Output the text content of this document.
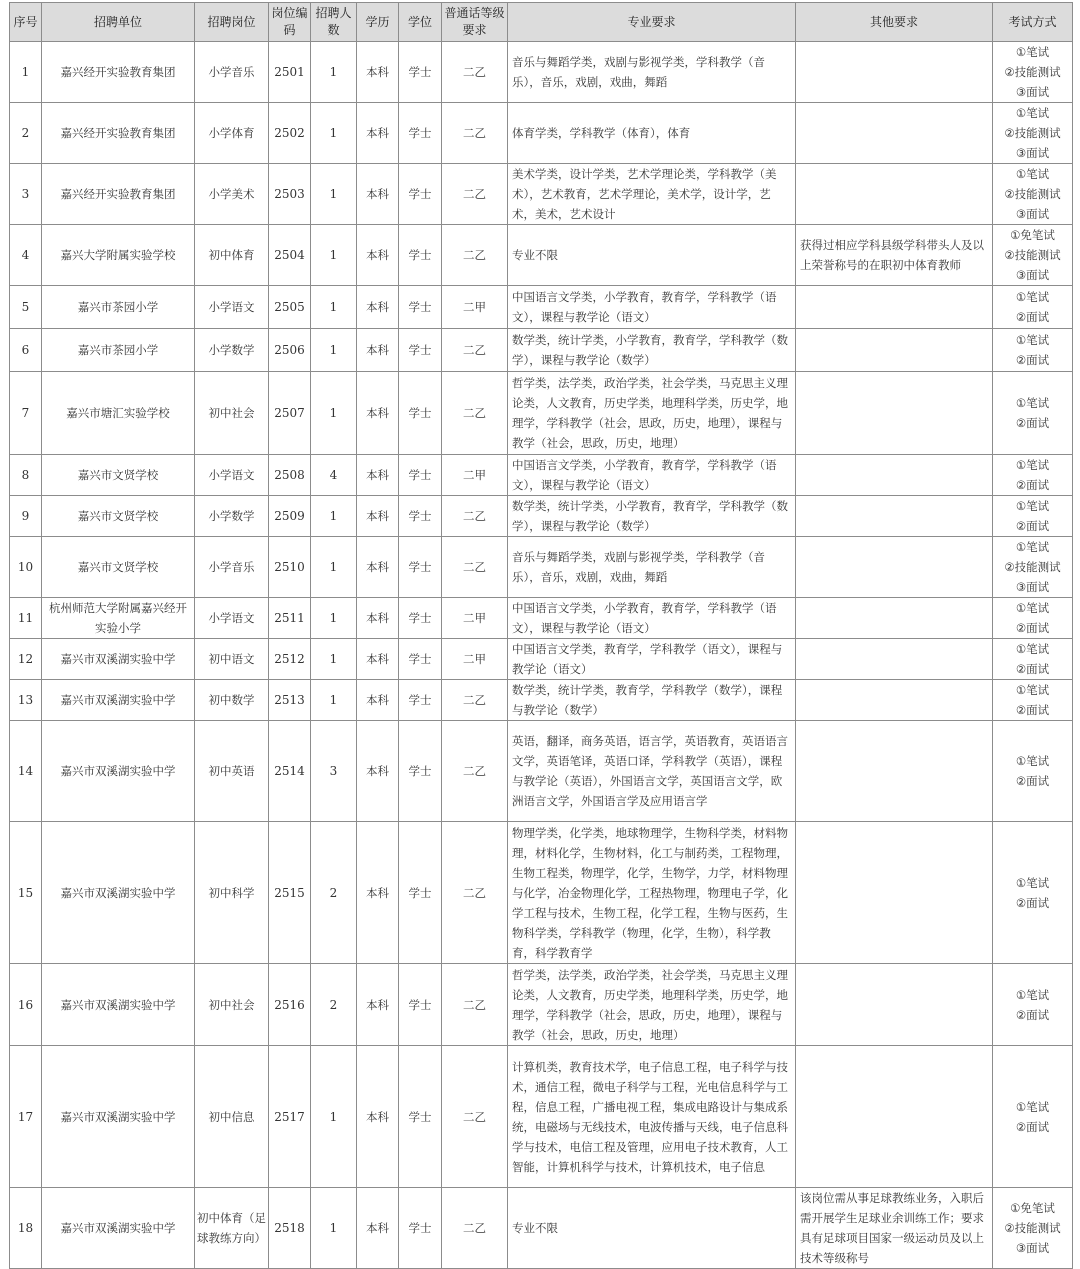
序号	招聘单位	招聘岗位	岗位编码	招聘人数	学历	学位	普通话等级要求	专业要求	其他要求	考试方式
1	嘉兴经开实验教育集团	小学音乐	2501	1	本科	学士	二乙	音乐与舞蹈学类，戏剧与影视学类，学科教学（音乐），音乐，戏剧，戏曲，舞蹈		①笔试
②技能测试
③面试
2	嘉兴经开实验教育集团	小学体育	2502	1	本科	学士	二乙	体育学类，学科教学（体育），体育		①笔试
②技能测试
③面试
3	嘉兴经开实验教育集团	小学美术	2503	1	本科	学士	二乙	美术学类，设计学类，艺术学理论类，学科教学（美术），艺术教育，艺术学理论，美术学，设计学，艺术，美术，艺术设计		①笔试
②技能测试
③面试
4	嘉兴大学附属实验学校	初中体育	2504	1	本科	学士	二乙	专业不限	获得过相应学科县级学科带头人及以上荣誉称号的在职初中体育教师	①免笔试
②技能测试
③面试
5	嘉兴市茶园小学	小学语文	2505	1	本科	学士	二甲	中国语言文学类，小学教育，教育学，学科教学（语文），课程与教学论（语文）		①笔试
②面试
6	嘉兴市茶园小学	小学数学	2506	1	本科	学士	二乙	数学类，统计学类，小学教育，教育学，学科教学（数学），课程与教学论（数学）		①笔试
②面试
7	嘉兴市塘汇实验学校	初中社会	2507	1	本科	学士	二乙	哲学类，法学类，政治学类，社会学类，马克思主义理论类，人文教育，历史学类，地理科学类，历史学，地理学，学科教学（社会，思政，历史，地理），课程与教学（社会，思政，历史，地理）		①笔试
②面试
8	嘉兴市文贤学校	小学语文	2508	4	本科	学士	二甲	中国语言文学类，小学教育，教育学，学科教学（语文），课程与教学论（语文）		①笔试
②面试
9	嘉兴市文贤学校	小学数学	2509	1	本科	学士	二乙	数学类，统计学类，小学教育，教育学，学科教学（数学），课程与教学论（数学）		①笔试
②面试
10	嘉兴市文贤学校	小学音乐	2510	1	本科	学士	二乙	音乐与舞蹈学类，戏剧与影视学类，学科教学（音乐），音乐，戏剧，戏曲，舞蹈		①笔试
②技能测试
③面试
11	杭州师范大学附属嘉兴经开实验小学	小学语文	2511	1	本科	学士	二甲	中国语言文学类，小学教育，教育学，学科教学（语文），课程与教学论（语文）		①笔试
②面试
12	嘉兴市双溪湖实验中学	初中语文	2512	1	本科	学士	二甲	中国语言文学类，教育学，学科教学（语文），课程与教学论（语文）		①笔试
②面试
13	嘉兴市双溪湖实验中学	初中数学	2513	1	本科	学士	二乙	数学类，统计学类，教育学，学科教学（数学），课程与教学论（数学）		①笔试
②面试
14	嘉兴市双溪湖实验中学	初中英语	2514	3	本科	学士	二乙	英语，翻译，商务英语，语言学，英语教育，英语语言文学，英语笔译，英语口译，学科教学（英语），课程与教学论（英语），外国语言文学，英国语言文学，欧洲语言文学，外国语言学及应用语言学		①笔试
②面试
15	嘉兴市双溪湖实验中学	初中科学	2515	2	本科	学士	二乙	物理学类，化学类，地球物理学，生物科学类，材料物理，材料化学，生物材料，化工与制药类，工程物理，生物工程类，物理学，化学，生物学，力学，材料物理与化学，冶金物理化学，工程热物理，物理电子学，化学工程与技术，生物工程，化学工程，生物与医药，生物科学类，学科教学（物理，化学，生物），科学教育，科学教育学		①笔试
②面试
16	嘉兴市双溪湖实验中学	初中社会	2516	2	本科	学士	二乙	哲学类，法学类，政治学类，社会学类，马克思主义理论类，人文教育，历史学类，地理科学类，历史学，地理学，学科教学（社会，思政，历史，地理），课程与教学（社会，思政，历史，地理）		①笔试
②面试
17	嘉兴市双溪湖实验中学	初中信息	2517	1	本科	学士	二乙	计算机类，教育技术学，电子信息工程，电子科学与技术，通信工程，微电子科学与工程，光电信息科学与工程，信息工程，广播电视工程，集成电路设计与集成系统，电磁场与无线技术，电波传播与天线，电子信息科学与技术，电信工程及管理，应用电子技术教育，人工智能，计算机科学与技术，计算机技术，电子信息		①笔试
②面试
18	嘉兴市双溪湖实验中学	初中体育（足球教练方向）	2518	1	本科	学士	二乙	专业不限	该岗位需从事足球教练业务，入职后需开展学生足球业余训练工作；要求具有足球项目国家一级运动员及以上技术等级称号	①免笔试
②技能测试
③面试
